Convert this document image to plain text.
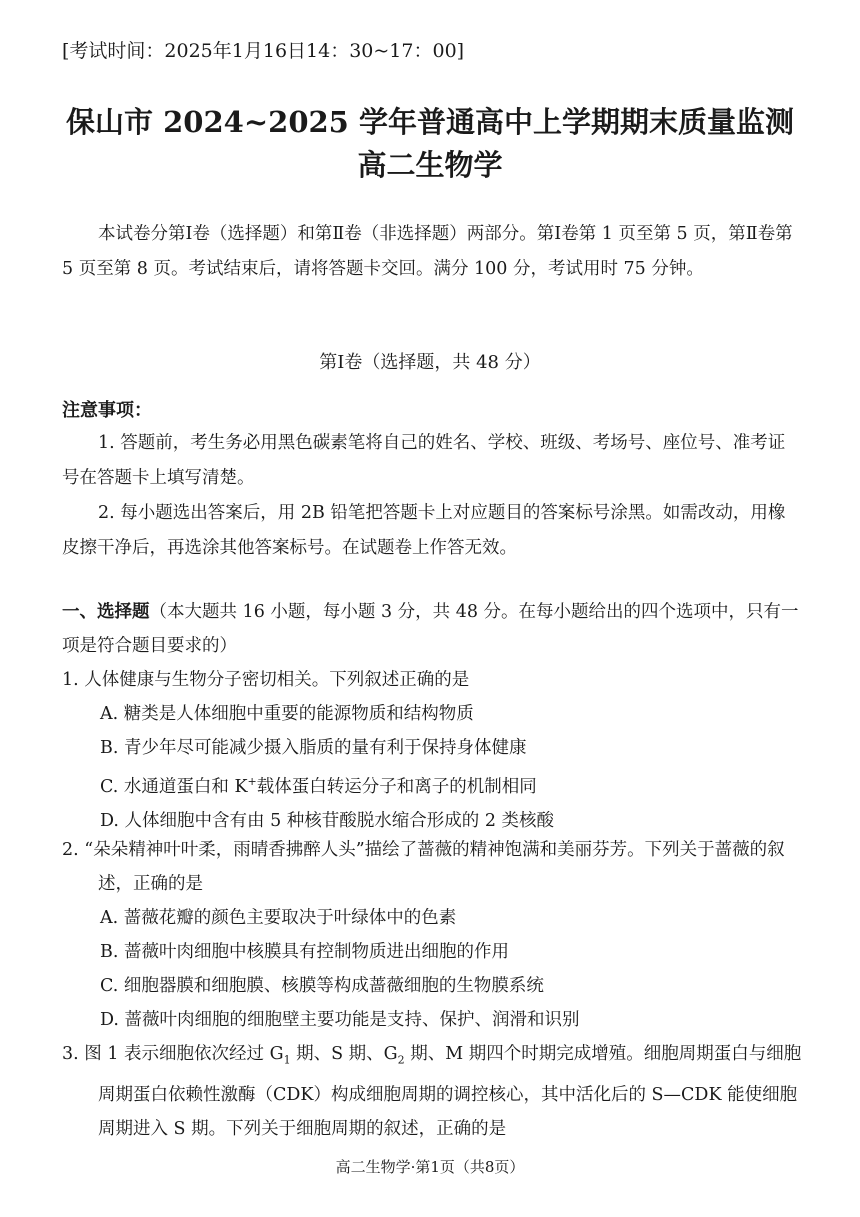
[考试时间：2025年1月16日14：30~17：00]
保山市 2024~2025 学年普通高中上学期期末质量监测
高二生物学

本试卷分第Ⅰ卷（选择题）和第Ⅱ卷（非选择题）两部分。第Ⅰ卷第 1 页至第 5 页，第Ⅱ卷第 5 页至第 8 页。考试结束后，请将答题卡交回。满分 100 分，考试用时 75 分钟。

第Ⅰ卷（选择题，共 48 分）
注意事项：

1. 答题前，考生务必用黑色碳素笔将自己的姓名、学校、班级、考场号、座位号、准考证号在答题卡上填写清楚。

2. 每小题选出答案后，用 2B 铅笔把答题卡上对应题目的答案标号涂黑。如需改动，用橡皮擦干净后，再选涂其他答案标号。在试题卷上作答无效。

一、选择题（本大题共 16 小题，每小题 3 分，共 48 分。在每小题给出的四个选项中，只有一项是符合题目要求的）

1. 人体健康与生物分子密切相关。下列叙述正确的是

A. 糖类是人体细胞中重要的能源物质和结构物质

B. 青少年尽可能减少摄入脂质的量有利于保持身体健康

C. 水通道蛋白和 K+载体蛋白转运分子和离子的机制相同

D. 人体细胞中含有由 5 种核苷酸脱水缩合形成的 2 类核酸

2. “朵朵精神叶叶柔，雨晴香拂醉人头”描绘了蔷薇的精神饱满和美丽芬芳。下列关于蔷薇的叙述，正确的是

A. 蔷薇花瓣的颜色主要取决于叶绿体中的色素

B. 蔷薇叶肉细胞中核膜具有控制物质进出细胞的作用

C. 细胞器膜和细胞膜、核膜等构成蔷薇细胞的生物膜系统

D. 蔷薇叶肉细胞的细胞壁主要功能是支持、保护、润滑和识别

3. 图 1 表示细胞依次经过 $G_1$ 期、S 期、$G_2$ 期、M 期四个时期完成增殖。细胞周期蛋白与细胞周期蛋白依赖性激酶（CDK）构成细胞周期的调控核心，其中活化后的 S—CDK 能使细胞周期进入 S 期。下列关于细胞周期的叙述，正确的是

高二生物学·第1页（共8页）
